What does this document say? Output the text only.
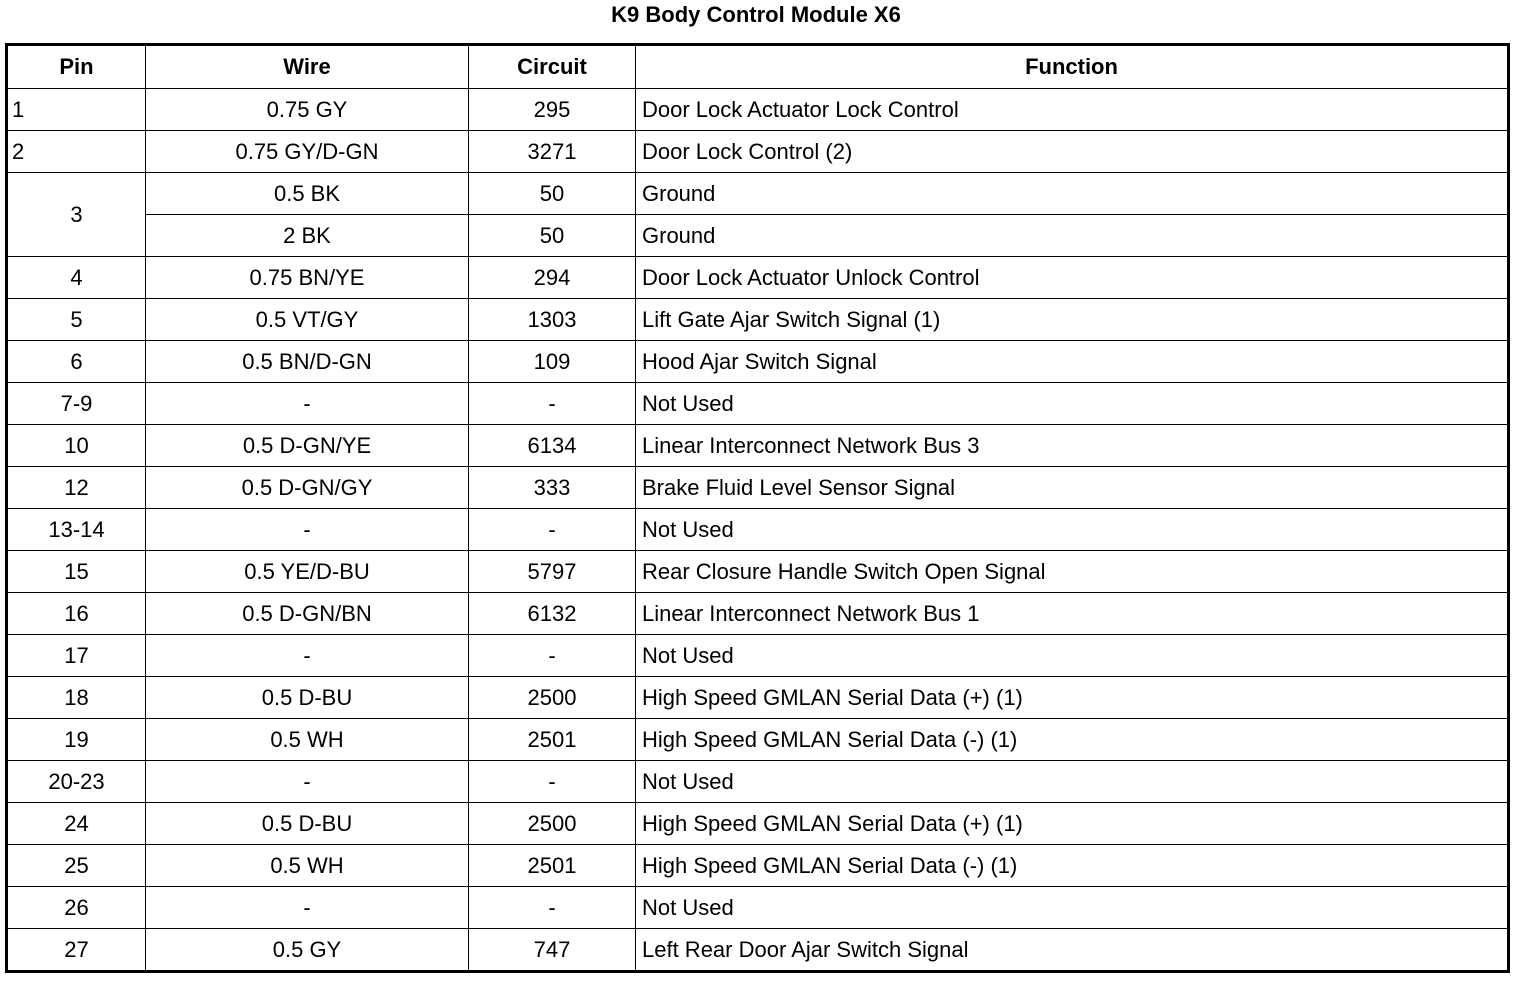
K9 Body Control Module X6
Pin	Wire	Circuit	Function
1	0.75 GY	295	Door Lock Actuator Lock Control
2	0.75 GY/D-GN	3271	Door Lock Control (2)
3	0.5 BK	50	Ground
	2 BK	50	Ground
4	0.75 BN/YE	294	Door Lock Actuator Unlock Control
5	0.5 VT/GY	1303	Lift Gate Ajar Switch Signal (1)
6	0.5 BN/D-GN	109	Hood Ajar Switch Signal
7-9	-	-	Not Used
10	0.5 D-GN/YE	6134	Linear Interconnect Network Bus 3
12	0.5 D-GN/GY	333	Brake Fluid Level Sensor Signal
13-14	-	-	Not Used
15	0.5 YE/D-BU	5797	Rear Closure Handle Switch Open Signal
16	0.5 D-GN/BN	6132	Linear Interconnect Network Bus 1
17	-	-	Not Used
18	0.5 D-BU	2500	High Speed GMLAN Serial Data (+) (1)
19	0.5 WH	2501	High Speed GMLAN Serial Data (-) (1)
20-23	-	-	Not Used
24	0.5 D-BU	2500	High Speed GMLAN Serial Data (+) (1)
25	0.5 WH	2501	High Speed GMLAN Serial Data (-) (1)
26	-	-	Not Used
27	0.5 GY	747	Left Rear Door Ajar Switch Signal
